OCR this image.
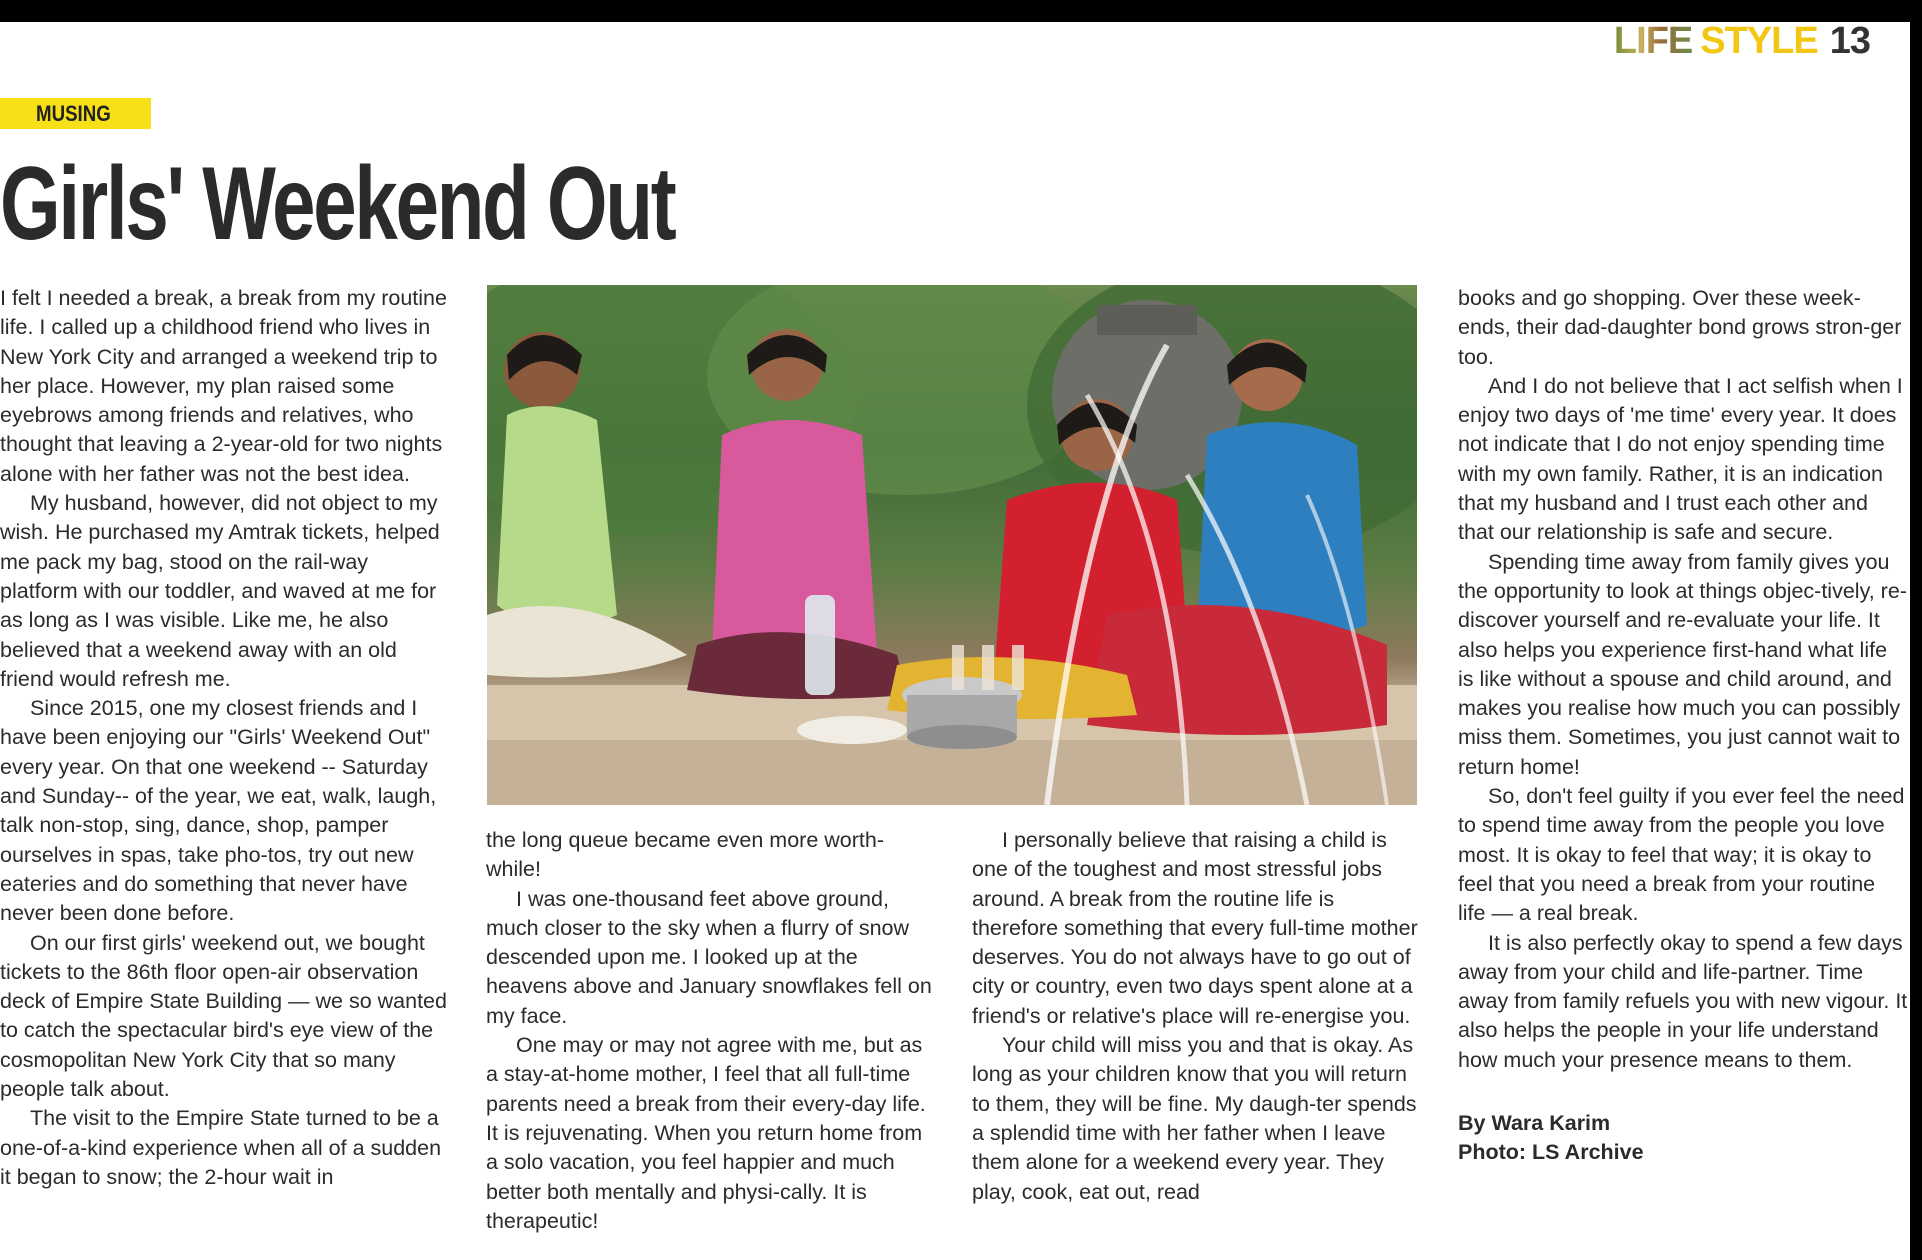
LIFE STYLE 13
MUSING
Girls' Weekend Out

I felt I needed a break, a break from my routine life. I called up a childhood friend who lives in New York City and arranged a weekend trip to her place. However, my plan raised some eyebrows among friends and relatives, who thought that leaving a 2-year-old for two nights alone with her father was not the best idea.

My husband, however, did not object to my wish. He purchased my Amtrak tickets, helped me pack my bag, stood on the rail-way platform with our toddler, and waved at me for as long as I was visible. Like me, he also believed that a weekend away with an old friend would refresh me.

Since 2015, one my closest friends and I have been enjoying our "Girls' Weekend Out" every year. On that one weekend -- Saturday and Sunday-- of the year, we eat, walk, laugh, talk non-stop, sing, dance, shop, pamper ourselves in spas, take pho-tos, try out new eateries and do something that never have never been done before.

On our first girls' weekend out, we bought tickets to the 86th floor open-air observation deck of Empire State Building — we so wanted to catch the spectacular bird's eye view of the cosmopolitan New York City that so many people talk about.

The visit to the Empire State turned to be a one-of-a-kind experience when all of a sudden it began to snow; the 2-hour wait in

the long queue became even more worth-while!

I was one-thousand feet above ground, much closer to the sky when a flurry of snow descended upon me. I looked up at the heavens above and January snowflakes fell on my face.

One may or may not agree with me, but as a stay-at-home mother, I feel that all full-time parents need a break from their every-day life. It is rejuvenating. When you return home from a solo vacation, you feel happier and much better both mentally and physi-cally. It is therapeutic!

I personally believe that raising a child is one of the toughest and most stressful jobs around. A break from the routine life is therefore something that every full-time mother deserves. You do not always have to go out of city or country, even two days spent alone at a friend's or relative's place will re-energise you.

Your child will miss you and that is okay. As long as your children know that you will return to them, they will be fine. My daugh-ter spends a splendid time with her father when I leave them alone for a weekend every year. They play, cook, eat out, read

books and go shopping. Over these week-ends, their dad-daughter bond grows stron-ger too.

And I do not believe that I act selfish when I enjoy two days of 'me time' every year. It does not indicate that I do not enjoy spending time with my own family. Rather, it is an indication that my husband and I trust each other and that our relationship is safe and secure.

Spending time away from family gives you the opportunity to look at things objec-tively, re-discover yourself and re-evaluate your life. It also helps you experience first-hand what life is like without a spouse and child around, and makes you realise how much you can possibly miss them. Sometimes, you just cannot wait to return home!

So, don't feel guilty if you ever feel the need to spend time away from the people you love most. It is okay to feel that way; it is okay to feel that you need a break from your routine life — a real break.

It is also perfectly okay to spend a few days away from your child and life-partner. Time away from family refuels you with new vigour. It also helps the people in your life understand how much your presence means to them.

By Wara Karim
Photo: LS Archive
